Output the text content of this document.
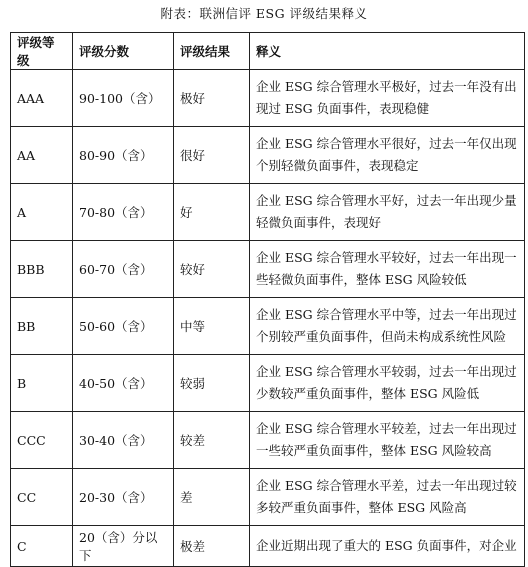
附表：联洲信评 ESG 评级结果释义
评级等级	评级分数	评级结果	释义
AAA	90-100（含）	极好	企业 ESG 综合管理水平极好，过去一年没有出现过 ESG 负面事件，表现稳健
AA	80-90（含）	很好	企业 ESG 综合管理水平很好，过去一年仅出现个别轻微负面事件，表现稳定
A	70-80（含）	好	企业 ESG 综合管理水平好，过去一年出现少量轻微负面事件，表现好
BBB	60-70（含）	较好	企业 ESG 综合管理水平较好，过去一年出现一些轻微负面事件，整体 ESG 风险较低
BB	50-60（含）	中等	企业 ESG 综合管理水平中等，过去一年出现过个别较严重负面事件，但尚未构成系统性风险
B	40-50（含）	较弱	企业 ESG 综合管理水平较弱，过去一年出现过少数较严重负面事件，整体 ESG 风险低
CCC	30-40（含）	较差	企业 ESG 综合管理水平较差，过去一年出现过一些较严重负面事件，整体 ESG 风险较高
CC	20-30（含）	差	企业 ESG 综合管理水平差，过去一年出现过较多较严重负面事件，整体 ESG 风险高
C	20（含）分以下	极差	企业近期出现了重大的 ESG 负面事件，对企业
